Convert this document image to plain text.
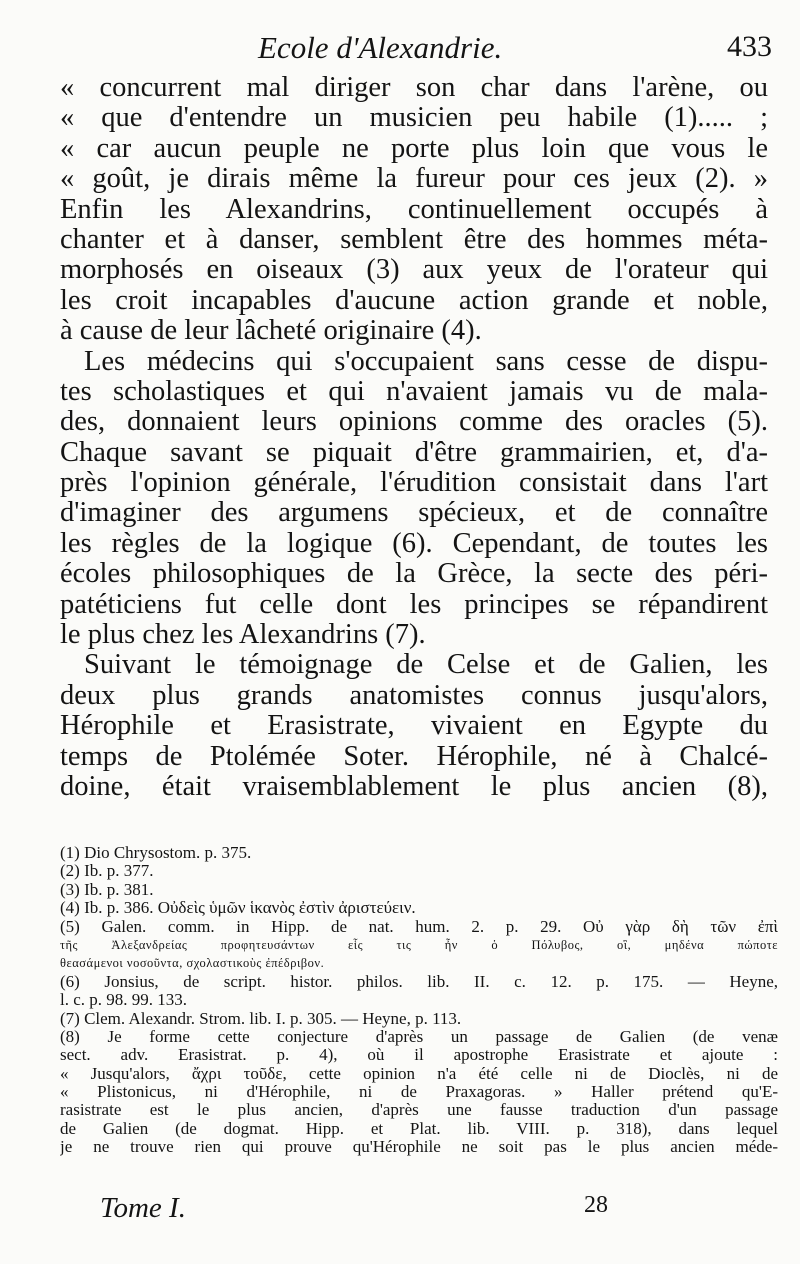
Ecole d'Alexandrie.	433
« concurrent mal diriger son char dans l'arène, ou
« que d'entendre un musicien peu habile (1)..... ;
« car aucun peuple ne porte plus loin que vous le
« goût, je dirais même la fureur pour ces jeux (2). »
Enfin les Alexandrins, continuellement occupés à
chanter et à danser, semblent être des hommes méta-
morphosés en oiseaux (3) aux yeux de l'orateur qui
les croit incapables d'aucune action grande et noble,
à cause de leur lâcheté originaire (4).
Les médecins qui s'occupaient sans cesse de dispu-
tes scholastiques et qui n'avaient jamais vu de mala-
des, donnaient leurs opinions comme des oracles (5).
Chaque savant se piquait d'être grammairien, et, d'a-
près l'opinion générale, l'érudition consistait dans l'art
d'imaginer des argumens spécieux, et de connaître
les règles de la logique (6). Cependant, de toutes les
écoles philosophiques de la Grèce, la secte des péri-
patéticiens fut celle dont les principes se répandirent
le plus chez les Alexandrins (7).
Suivant le témoignage de Celse et de Galien, les
deux plus grands anatomistes connus jusqu'alors,
Hérophile et Erasistrate, vivaient en Egypte du
temps de Ptolémée Soter. Hérophile, né à Chalcé-
doine, était vraisemblablement le plus ancien (8),
(1) Dio Chrysostom. p. 375.
(2) Ib. p. 377.
(3) Ib. p. 381.
(4) Ib. p. 386. Οὐδεὶς ὑμῶν ἱκανὸς ἐστὶν ἀριστεύειν.
(5) Galen. comm. in Hipp. de nat. hum. 2. p. 29. Οὐ γὰρ δὴ τῶν ἐπὶ
τῆς Ἀλεξανδρείας προφητευσάντων εἷς τις ἦν ὁ Πόλυβος, οἳ, μηδένα πώποτε
θεασάμενοι νοσοῦντα, σχολαστικοὺς ἐπέδριβον.
(6) Jonsius, de script. histor. philos. lib. II. c. 12. p. 175. — Heyne,
l. c. p. 98. 99. 133.
(7) Clem. Alexandr. Strom. lib. I. p. 305. — Heyne, p. 113.
(8) Je forme cette conjecture d'après un passage de Galien (de venæ
sect. adv. Erasistrat. p. 4), où il apostrophe Erasistrate et ajoute :
« Jusqu'alors, ἄχρι τοῦδε, cette opinion n'a été celle ni de Dioclès, ni de
« Plistonicus, ni d'Hérophile, ni de Praxagoras. » Haller prétend qu'E-
rasistrate est le plus ancien, d'après une fausse traduction d'un passage
de Galien (de dogmat. Hipp. et Plat. lib. VIII. p. 318), dans lequel
je ne trouve rien qui prouve qu'Hérophile ne soit pas le plus ancien méde-
Tome I.	28
